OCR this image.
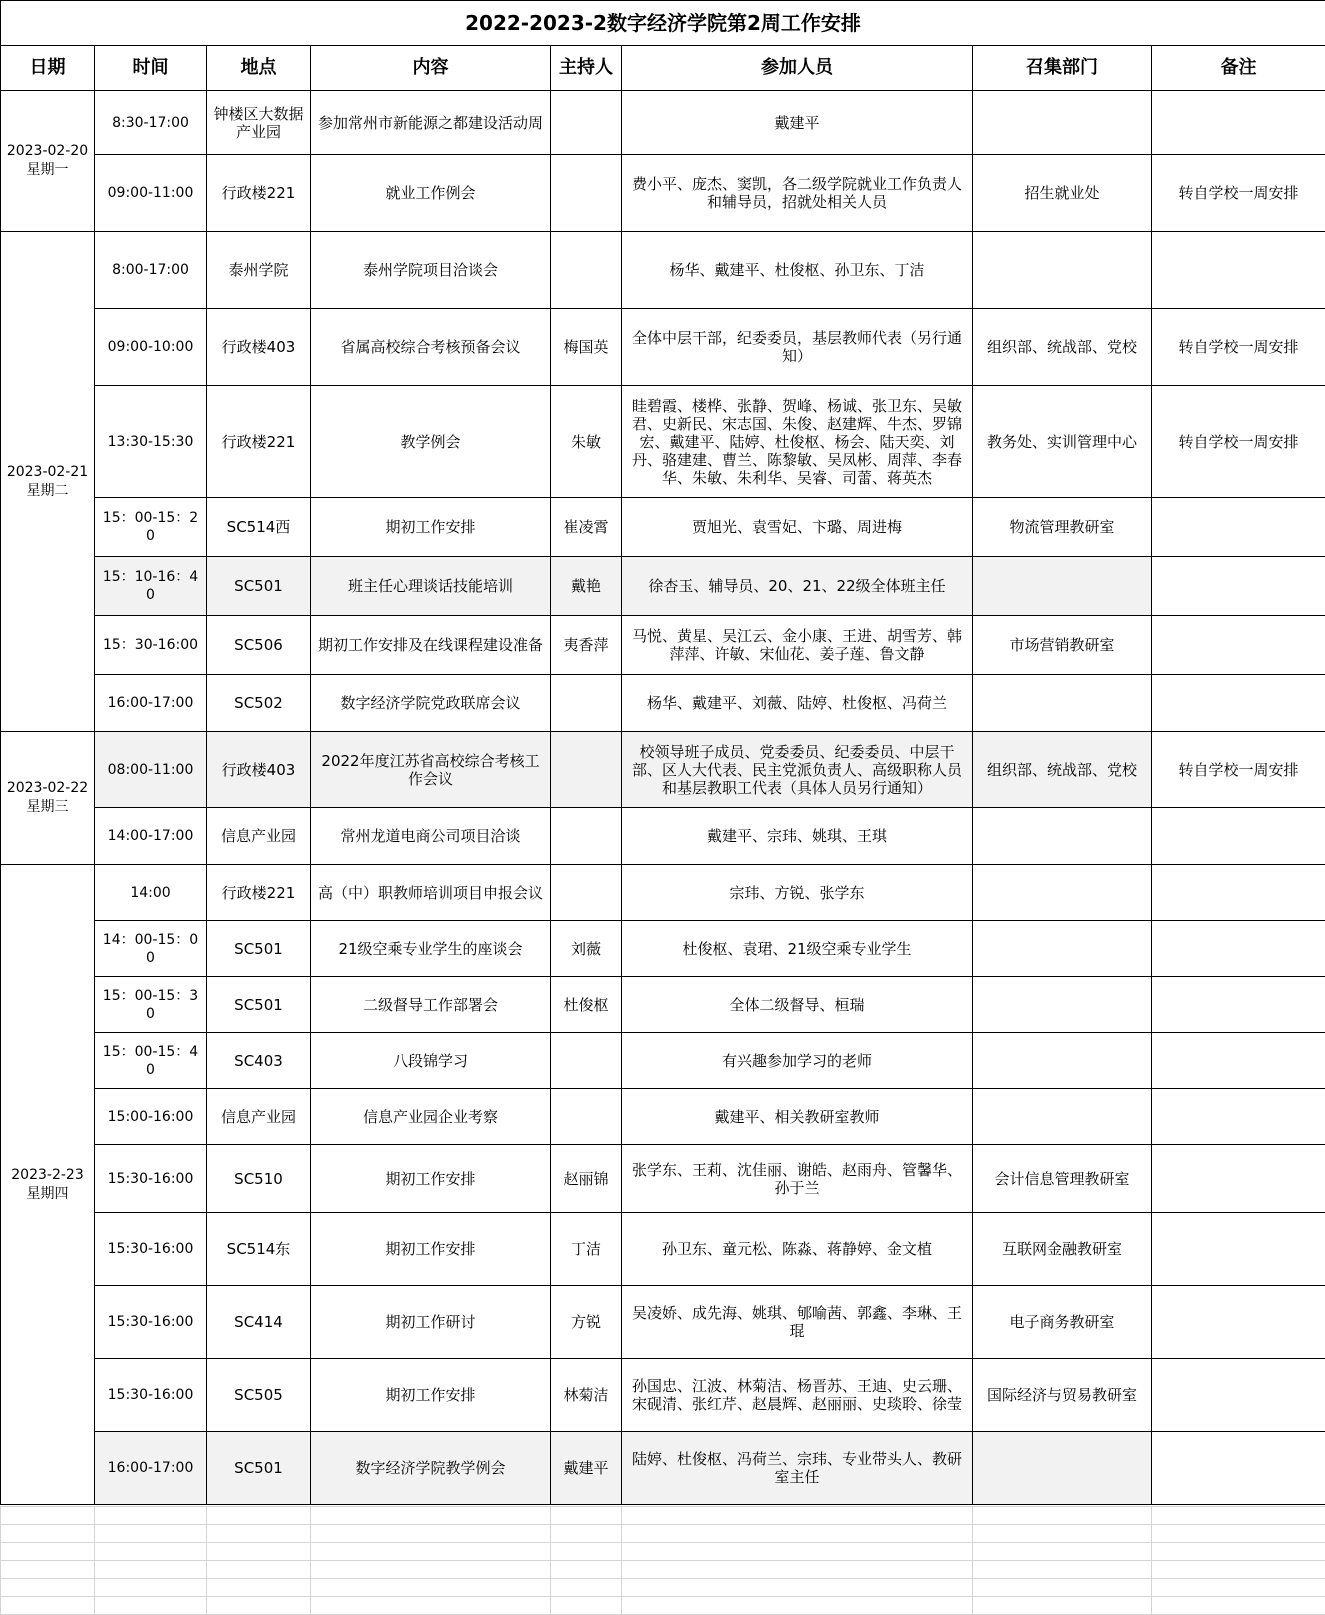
2022-2023-2数字经济学院第2周工作安排							
日期	时间	地点	内容	主持人	参加人员	召集部门	备注

2023-02-20
星期一	8:30-17:00	钟楼区大数据产业园	参加常州市新能源之都建设活动周		戴建平		
	09:00-11:00	行政楼221	就业工作例会		费小平、庞杰、窦凯，各二级学院就业工作负责人和辅导员，招就处相关人员	招生就业处	转自学校一周安排

2023-02-21
星期二	8:00-17:00	泰州学院	泰州学院项目洽谈会		杨华、戴建平、杜俊枢、孙卫东、丁洁		
	09:00-10:00	行政楼403	省属高校综合考核预备会议	梅国英	全体中层干部，纪委委员，基层教师代表（另行通知）	组织部、统战部、党校	转自学校一周安排
	13:30-15:30	行政楼221	教学例会	朱敏	眭碧霞、楼桦、张静、贺峰、杨诚、张卫东、吴敏君、史新民、宋志国、朱俊、赵建辉、牛杰、罗锦宏、戴建平、陆婷、杜俊枢、杨会、陆天奕、刘丹、骆建建、曹兰、陈黎敏、吴凤彬、周萍、李春华、朱敏、朱利华、吴睿、司蕾、蒋英杰	教务处、实训管理中心	转自学校一周安排
	15：00-15：20	SC514西	期初工作安排	崔凌霄	贾旭光、袁雪妃、卞璐、周进梅	物流管理教研室	
	15：10-16：40	SC501	班主任心理谈话技能培训	戴艳	徐杏玉、辅导员、20、21、22级全体班主任		
	15：30-16:00	SC506	期初工作安排及在线课程建设准备	夷香萍	马悦、黄星、吴江云、金小康、王进、胡雪芳、韩萍萍、许敏、宋仙花、姜子莲、鲁文静	市场营销教研室	
	16:00-17:00	SC502	数字经济学院党政联席会议		杨华、戴建平、刘薇、陆婷、杜俊枢、冯荷兰		

2023-02-22
星期三	08:00-11:00	行政楼403	2022年度江苏省高校综合考核工作会议		校领导班子成员、党委委员、纪委委员、中层干部、区人大代表、民主党派负责人、高级职称人员和基层教职工代表（具体人员另行通知）	组织部、统战部、党校	转自学校一周安排
	14:00-17:00	信息产业园	常州龙道电商公司项目洽谈		戴建平、宗玮、姚琪、王琪		

2023-2-23
星期四	14:00	行政楼221	高（中）职教师培训项目申报会议		宗玮、方锐、张学东		
	14：00-15：00	SC501	21级空乘专业学生的座谈会	刘薇	杜俊枢、袁珺、21级空乘专业学生		
	15：00-15：30	SC501	二级督导工作部署会	杜俊枢	全体二级督导、桓瑞		
	15：00-15：40	SC403	八段锦学习		有兴趣参加学习的老师		
	15:00-16:00	信息产业园	信息产业园企业考察		戴建平、相关教研室教师		
	15:30-16:00	SC510	期初工作安排	赵丽锦	张学东、王莉、沈佳丽、谢皓、赵雨舟、管馨华、孙于兰	会计信息管理教研室	
	15:30-16:00	SC514东	期初工作安排	丁洁	孙卫东、童元松、陈淼、蒋静婷、金文植	互联网金融教研室	
	15:30-16:00	SC414	期初工作研讨	方锐	吴凌娇、成先海、姚琪、郇喻茜、郭鑫、李琳、王琨	电子商务教研室	
	15:30-16:00	SC505	期初工作安排	林菊洁	孙国忠、江波、林菊洁、杨晋苏、王迪、史云珊、宋砚清、张红芹、赵晨辉、赵丽丽、史琰聆、徐莹	国际经济与贸易教研室	
	16:00-17:00	SC501	数字经济学院教学例会	戴建平	陆婷、杜俊枢、冯荷兰、宗玮、专业带头人、教研室主任		
